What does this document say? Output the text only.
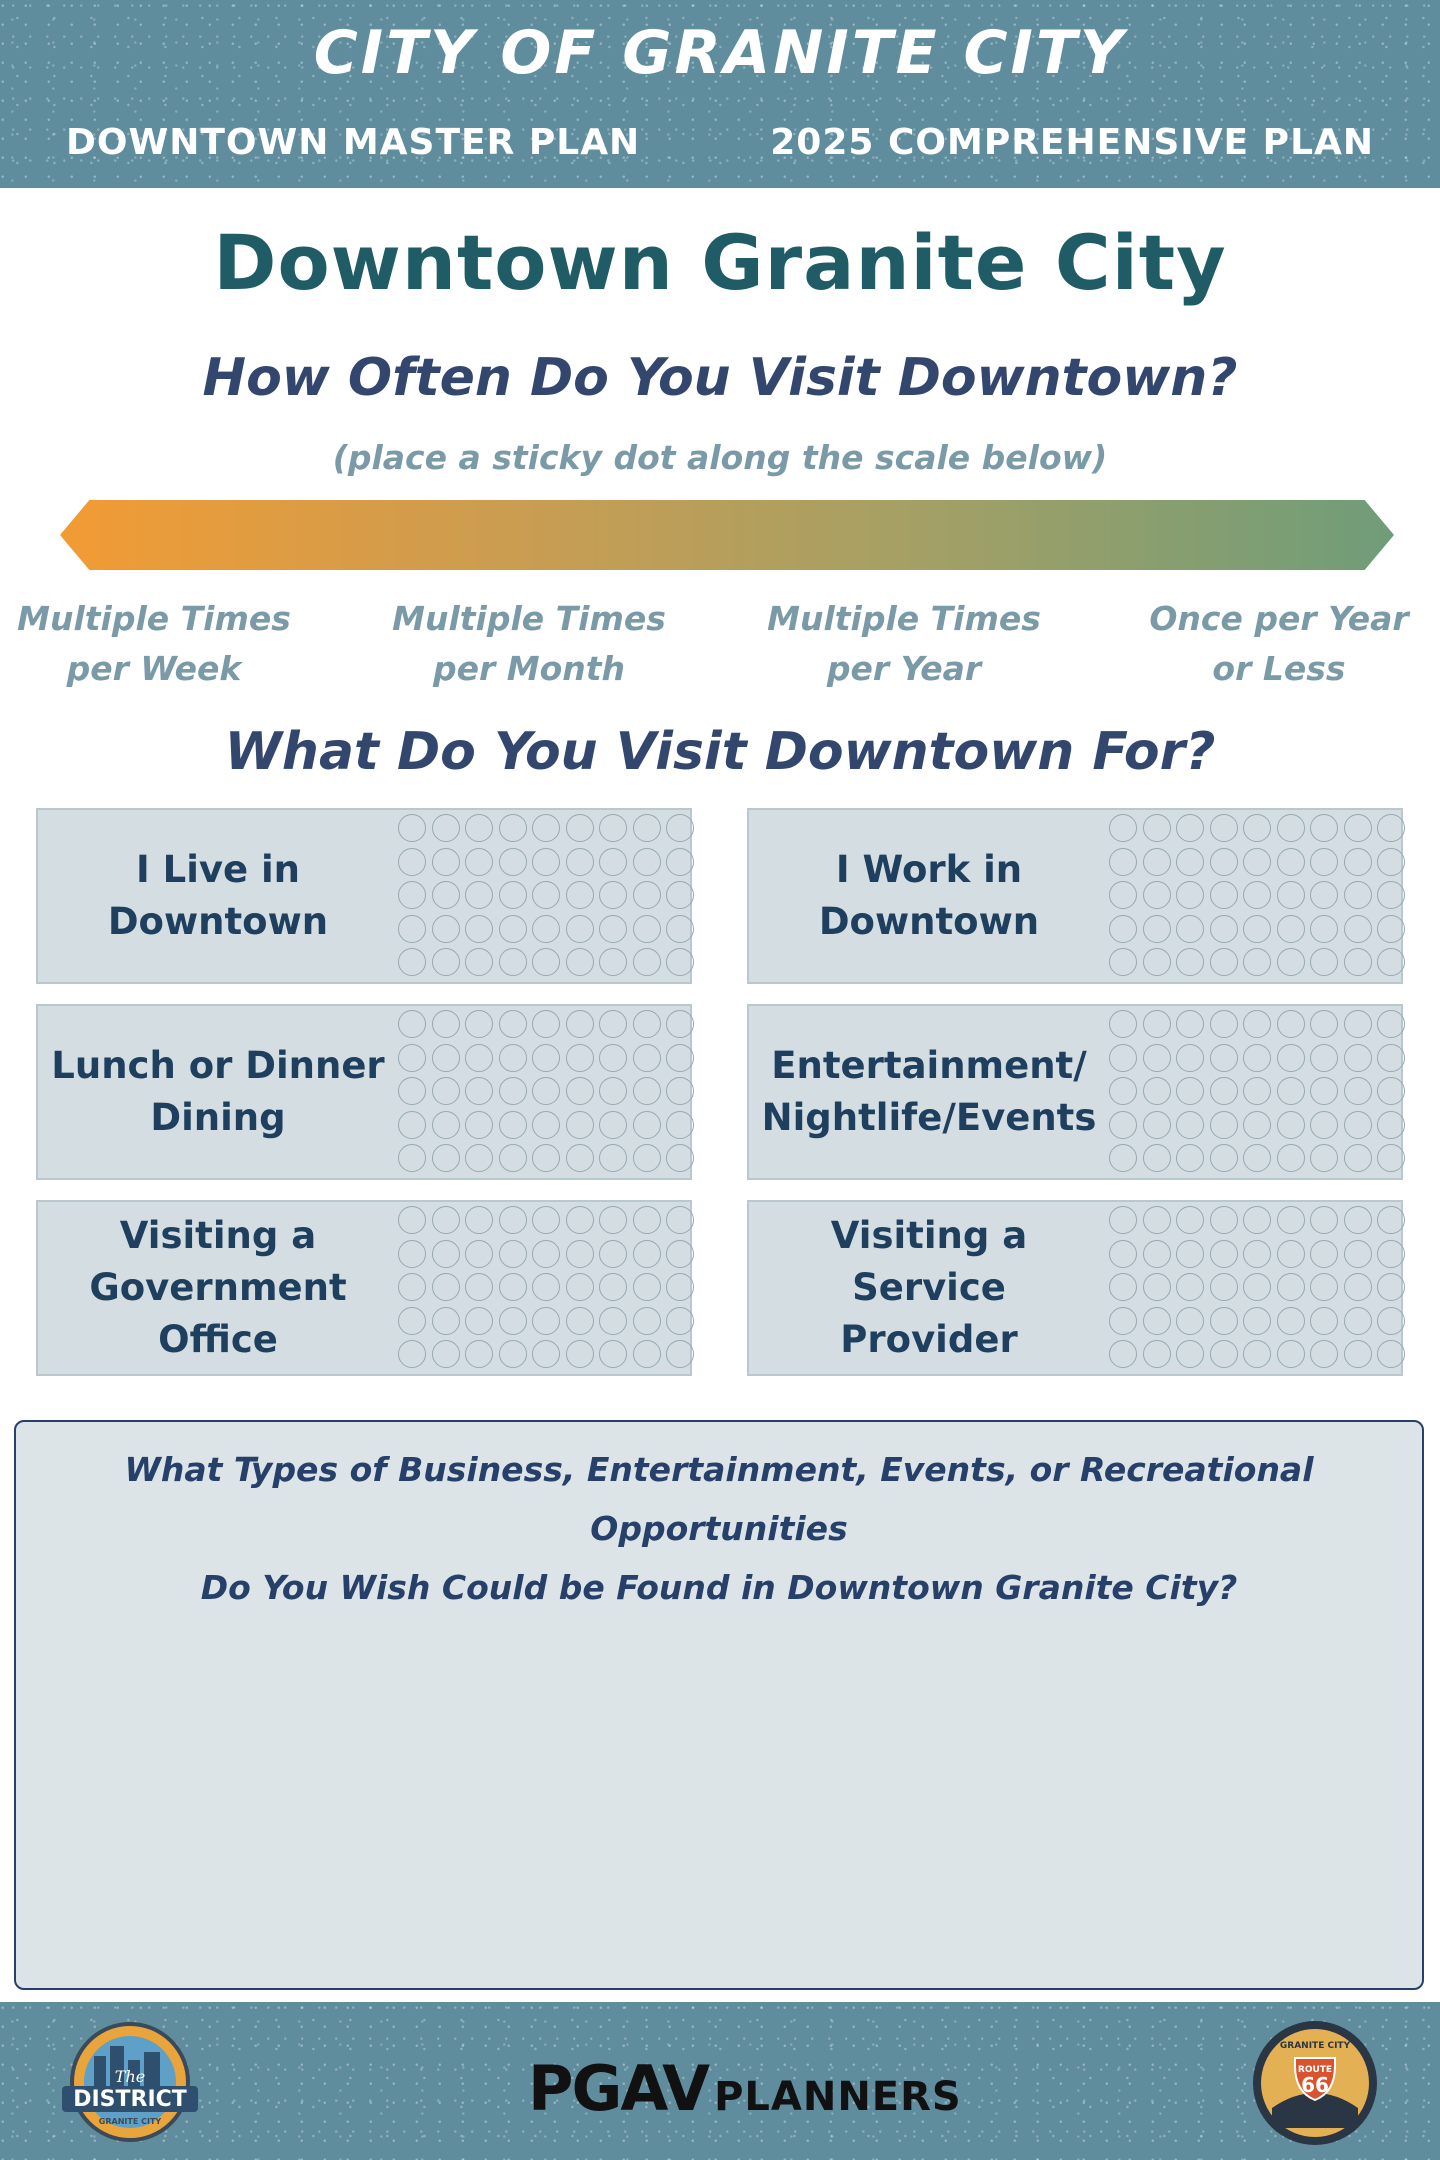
CITY OF GRANITE CITY
DOWNTOWN MASTER PLAN	2025 COMPREHENSIVE PLAN
Downtown Granite City
How Often Do You Visit Downtown?
(place a sticky dot along the scale below)
Multiple Times
per Week
Multiple Times
per Month
Multiple Times
per Year
Once per Year
or Less
What Do You Visit Downtown For?
I Live in
Downtown
I Work in
Downtown
Lunch or Dinner
Dining
Entertainment/
Nightlife/Events
Visiting a
Government Office
Visiting a Service
Provider
What Types of Business, Entertainment, Events, or Recreational Opportunities
Do You Wish Could be Found in Downtown Granite City?
The
DISTRICT
GRANITE CITY	PGAV PLANNERS
GRANITE CITY
ROUTE
66
